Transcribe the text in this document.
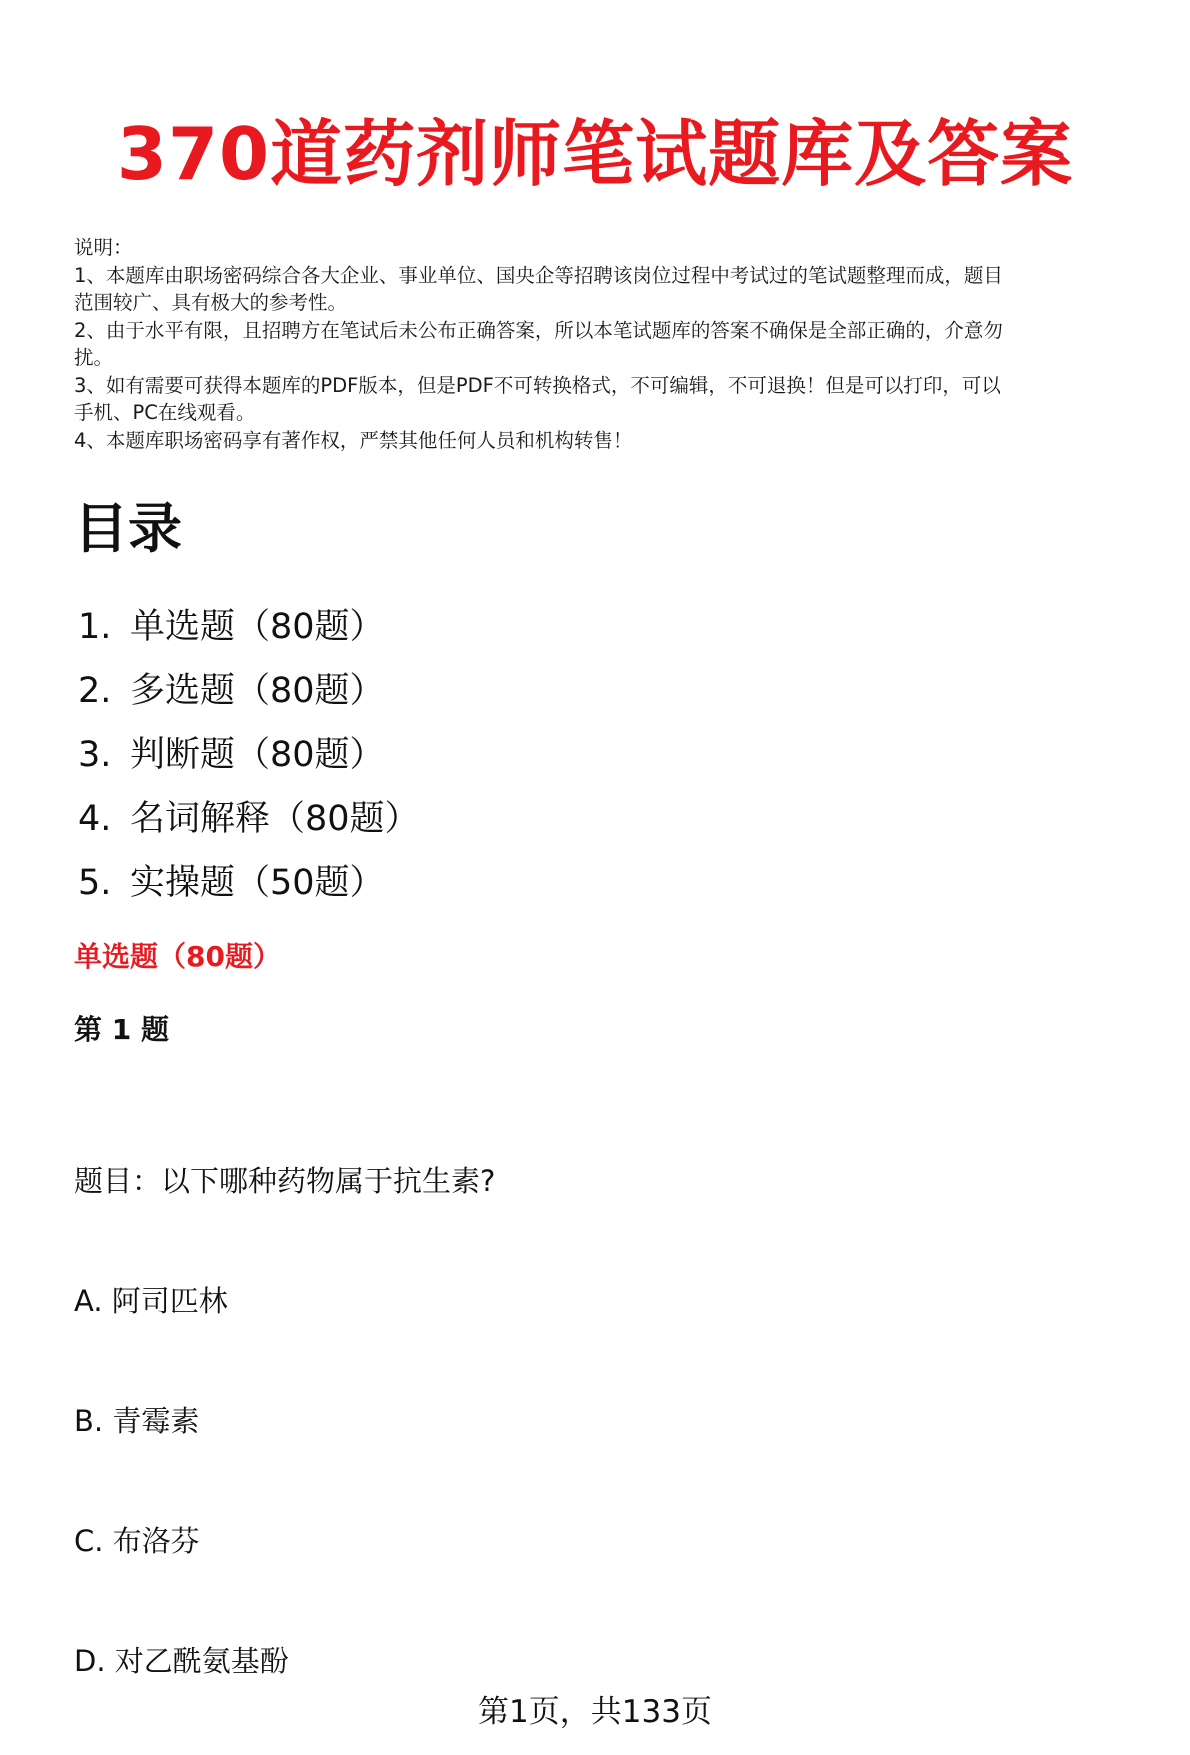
370道药剂师笔试题库及答案
说明：
1、本题库由职场密码综合各大企业、事业单位、国央企等招聘该岗位过程中考试过的笔试题整理而成，题目
范围较广、具有极大的参考性。
2、由于水平有限，且招聘方在笔试后未公布正确答案，所以本笔试题库的答案不确保是全部正确的，介意勿
扰。
3、如有需要可获得本题库的PDF版本，但是PDF不可转换格式，不可编辑，不可退换！但是可以打印，可以
手机、PC在线观看。
4、本题库职场密码享有著作权，严禁其他任何人员和机构转售！
目录
1. 单选题（80题）
2. 多选题（80题）
3. 判断题（80题）
4. 名词解释（80题）
5. 实操题（50题）
单选题（80题）
第 1 题
题目：以下哪种药物属于抗生素?
A. 阿司匹林
B. 青霉素
C. 布洛芬
D. 对乙酰氨基酚
第1页，共133页
